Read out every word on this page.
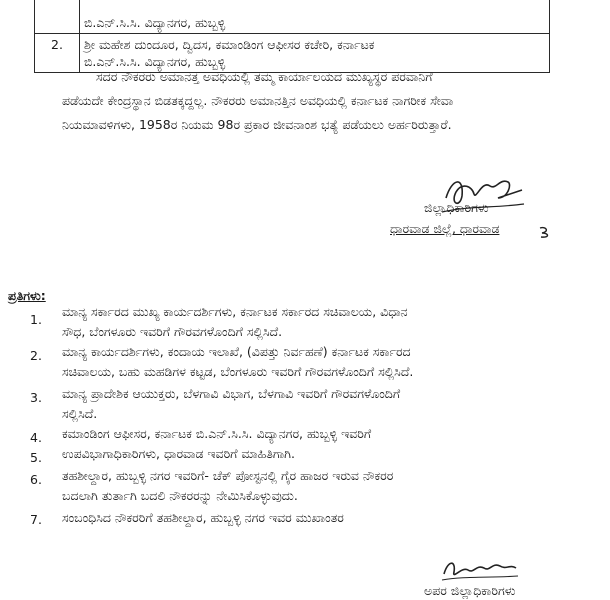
ಬಿ.ಎನ್.ಸಿ.ಸಿ. ವಿದ್ಯಾನಗರ, ಹುಬ್ಬಳ್ಳಿ
2.	ಶ್ರೀ ಮಹೇಶ ದುಂದೂರ, ದ್ವಿದಸ, ಕಮಾಂಡಿಂಗ ಆಫೀಸರ ಕಚೇರಿ, ಕರ್ನಾಟಕ
ಬಿ.ಎನ್.ಸಿ.ಸಿ. ವಿದ್ಯಾನಗರ, ಹುಬ್ಬಳ್ಳಿ
ಸದರ ನೌಕರರು ಅಮಾನತ್ತ ಅವಧಿಯಲ್ಲಿ ತಮ್ಮ ಕಾರ್ಯಾಲಯದ ಮುಖ್ಯಸ್ಥರ ಪರವಾನಿಗೆ
ಪಡೆಯದೇ ಕೇಂದ್ರಸ್ಥಾನ ಬಿಡತಕ್ಕದ್ದಲ್ಲ. ನೌಕರರು ಅಮಾನತ್ತಿನ ಅವಧಿಯಲ್ಲಿ ಕರ್ನಾಟಕ ನಾಗರೀಕ ಸೇವಾ
ನಿಯಮಾವಳಿಗಳು, 1958ರ ನಿಯಮ 98ರ ಪ್ರಕಾರ ಜೀವನಾಂಶ ಭತ್ಯೆ ಪಡೆಯಲು ಅರ್ಹರಿರುತ್ತಾರೆ.
ಜಿಲ್ಲಾಧಿಕಾರಿಗಳು
ಧಾರವಾಡ ಜಿಲ್ಲೆ, ಧಾರವಾಡ
ಪ್ರತಿಗಳು:
1.
ಮಾನ್ಯ ಸರ್ಕಾರದ ಮುಖ್ಯ ಕಾರ್ಯದರ್ಶಿಗಳು, ಕರ್ನಾಟಕ ಸರ್ಕಾರದ ಸಚಿವಾಲಯ, ವಿಧಾನ
ಸೌಧ, ಬೆಂಗಳೂರು ಇವರಿಗೆ ಗೌರವಗಳೊಂದಿಗೆ ಸಲ್ಲಿಸಿದೆ.
2.	ಮಾನ್ಯ ಕಾರ್ಯದರ್ಶಿಗಳು, ಕಂದಾಯ ಇಲಾಖೆ, (ವಿಪತ್ತು ನಿರ್ವಹಣೆ) ಕರ್ನಾಟಕ ಸರ್ಕಾರದ
ಸಚಿವಾಲಯ, ಬಹು ಮಹಡಿಗಳ ಕಟ್ಟಡ, ಬೆಂಗಳೂರು ಇವರಿಗೆ ಗೌರವಗಳೊಂದಿಗೆ ಸಲ್ಲಿಸಿದೆ.
3.	ಮಾನ್ಯ ಪ್ರಾದೇಶಿಕ ಆಯುಕ್ತರು, ಬೆಳಗಾವಿ ವಿಭಾಗ, ಬೆಳಗಾವಿ ಇವರಿಗೆ ಗೌರವಗಳೊಂದಿಗೆ
ಸಲ್ಲಿಸಿದೆ.
4.	ಕಮಾಂಡಿಂಗ ಆಫೀಸರ, ಕರ್ನಾಟಕ ಬಿ.ಎನ್.ಸಿ.ಸಿ. ವಿದ್ಯಾನಗರ, ಹುಬ್ಬಳ್ಳಿ ಇವರಿಗೆ
5.	ಉಪವಿಭಾಗಾಧಿಕಾರಿಗಳು, ಧಾರವಾಡ ಇವರಿಗೆ ಮಾಹಿತಿಗಾಗಿ.
6.	ತಹಶೀಲ್ದಾರ, ಹುಬ್ಬಳ್ಳಿ ನಗರ ಇವರಿಗೆ- ಚೆಕ್ ಪೋಸ್ಟನಲ್ಲಿ ಗೈರ ಹಾಜರ ಇರುವ ನೌಕರರ
ಬದಲಾಗಿ ತುರ್ತಾಗಿ ಬದಲಿ ನೌಕರರನ್ನು ನೇಮಿಸಿಕೊಳ್ಳುವುದು.
7.	ಸಂಬಂಧಿಸಿದ ನೌಕರರಿಗೆ ತಹಶೀಲ್ದಾರ, ಹುಬ್ಬಳ್ಳಿ ನಗರ ಇವರ ಮುಖಾಂತರ
ಅಪರ ಜಿಲ್ಲಾಧಿಕಾರಿಗಳು
